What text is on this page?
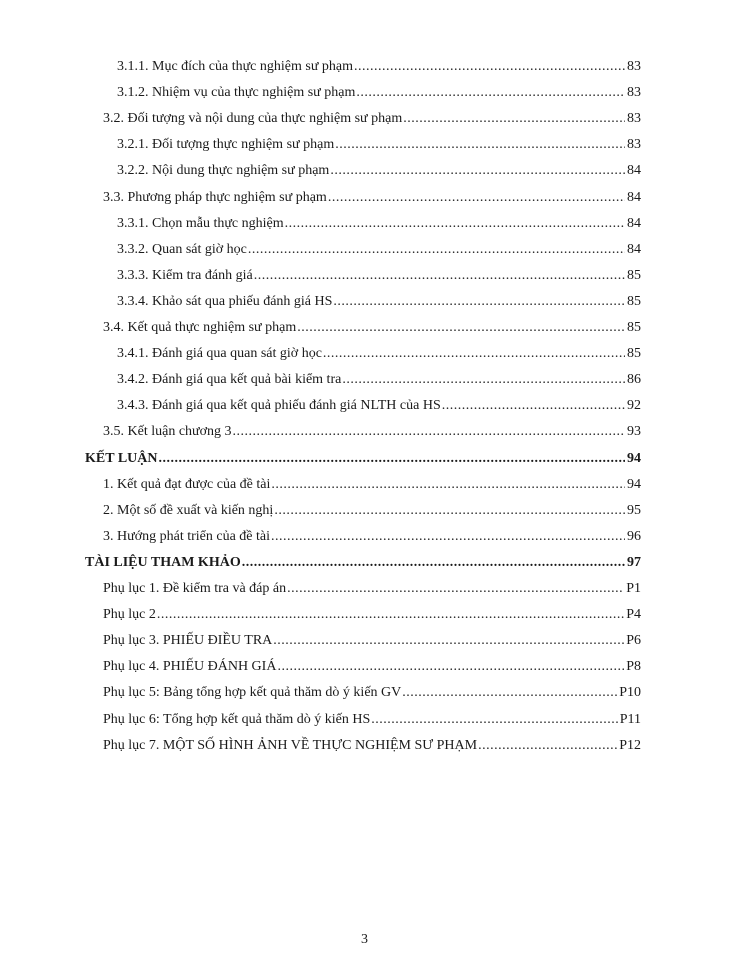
3.1.1. Mục đích của thực nghiệm sư phạm .....	83
3.1.2. Nhiệm vụ của thực nghiệm sư phạm .....	83
3.2. Đối tượng và nội dung của thực nghiệm sư phạm .....	83
3.2.1. Đối tượng thực nghiệm sư phạm .....	83
3.2.2. Nội dung thực nghiệm sư phạm .....	84
3.3. Phương pháp thực nghiệm sư phạm .....	84
3.3.1. Chọn mẫu thực nghiệm .....	84
3.3.2. Quan sát giờ học .....	84
3.3.3. Kiểm tra đánh giá .....	85
3.3.4. Khảo sát qua phiếu đánh giá HS .....	85
3.4. Kết quả thực nghiệm sư phạm .....	85
3.4.1. Đánh giá qua quan sát giờ học .....	85
3.4.2. Đánh giá qua kết quả bài kiểm tra .....	86
3.4.3. Đánh giá qua kết quả phiếu đánh giá NLTH của HS .....	92
3.5. Kết luận chương 3 .....	93
KẾT LUẬN .....	94
1. Kết quả đạt được của đề tài .....	94
2. Một số đề xuất và kiến nghị .....	95
3. Hướng phát triển của đề tài .....	96
TÀI LIỆU THAM KHẢO .....	97
Phụ lục 1. Đề kiểm tra và đáp án .....	P1
Phụ lục 2 .....	P4
Phụ lục 3. PHIẾU ĐIỀU TRA .....	P6
Phụ lục 4. PHIẾU ĐÁNH GIÁ .....	P8
Phụ lục 5: Bảng tổng hợp kết quả thăm dò ý kiến GV .....	P10
Phụ lục 6: Tổng hợp kết quả thăm dò ý kiến HS .....	P11
Phụ lục 7. MỘT SỐ HÌNH ẢNH VỀ THỰC NGHIỆM SƯ PHẠM .....	P12
3
